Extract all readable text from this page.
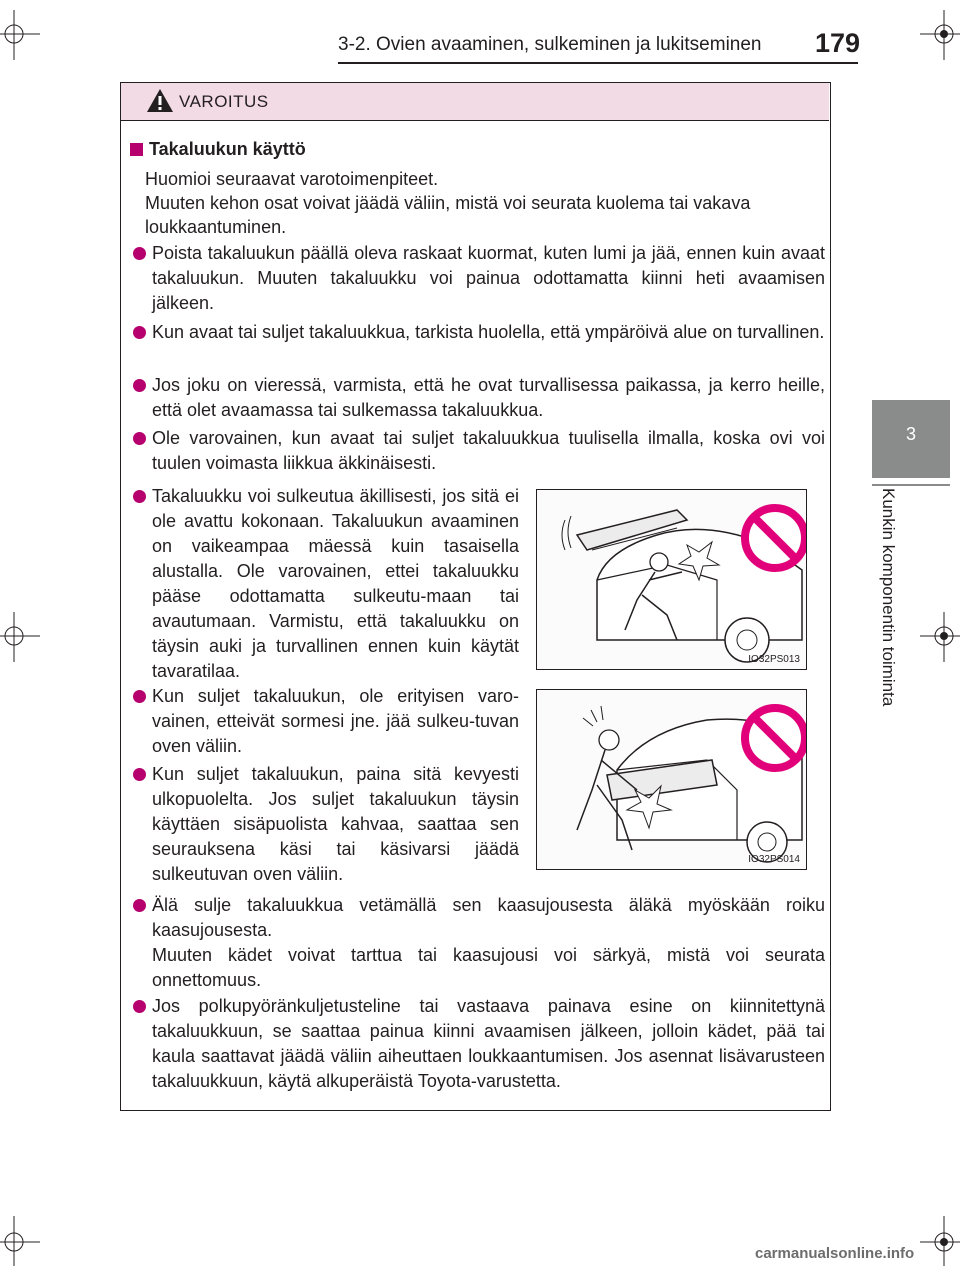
3-2. Ovien avaaminen, sulkeminen ja lukitseminen 179
3
Kunkin komponentin toiminta
VAROITUS
Takaluukun käyttö
Huomioi seuraavat varotoimenpiteet.
Muuten kehon osat voivat jäädä väliin, mistä voi seurata kuolema tai vakava loukkaantuminen.
Poista takaluukun päällä oleva raskaat kuormat, kuten lumi ja jää, ennen kuin avaat takaluukun. Muuten takaluukku voi painua odottamatta kiinni heti avaamisen jälkeen.
Kun avaat tai suljet takaluukkua, tarkista huolella, että ympäröivä alue on turvallinen.
Jos joku on vieressä, varmista, että he ovat turvallisessa paikassa, ja kerro heille, että olet avaamassa tai sulkemassa takaluukkua.
Ole varovainen, kun avaat tai suljet takaluukkua tuulisella ilmalla, koska ovi voi tuulen voimasta liikkua äkkinäisesti.
Takaluukku voi sulkeutua äkillisesti, jos sitä ei ole avattu kokonaan. Takaluukun avaaminen on vaikeampaa mäessä kuin tasaisella alustalla. Ole varovainen, ettei takaluukku pääse odottamatta sulkeutu-maan tai avautumaan. Varmistu, että takaluukku on täysin auki ja turvallinen ennen kuin käytät tavaratilaa.
IO32PS013
Kun suljet takaluukun, ole erityisen varo-vainen, etteivät sormesi jne. jää sulkeu-tuvan oven väliin.
Kun suljet takaluukun, paina sitä kevyesti ulkopuolelta. Jos suljet takaluukun täysin käyttäen sisäpuolista kahvaa, saattaa sen seurauksena käsi tai käsivarsi jäädä sulkeutuvan oven väliin.
IO32PS014
Älä sulje takaluukkua vetämällä sen kaasujousesta äläkä myöskään roiku kaasujousesta.
Muuten kädet voivat tarttua tai kaasujousi voi särkyä, mistä voi seurata onnettomuus.
Jos polkupyöränkuljetusteline tai vastaava painava esine on kiinnitettynä takaluukkuun, se saattaa painua kiinni avaamisen jälkeen, jolloin kädet, pää tai kaula saattavat jäädä väliin aiheuttaen loukkaantumisen. Jos asennat lisävarusteen takaluukkuun, käytä alkuperäistä Toyota-varustetta.
carmanualsonline.info
